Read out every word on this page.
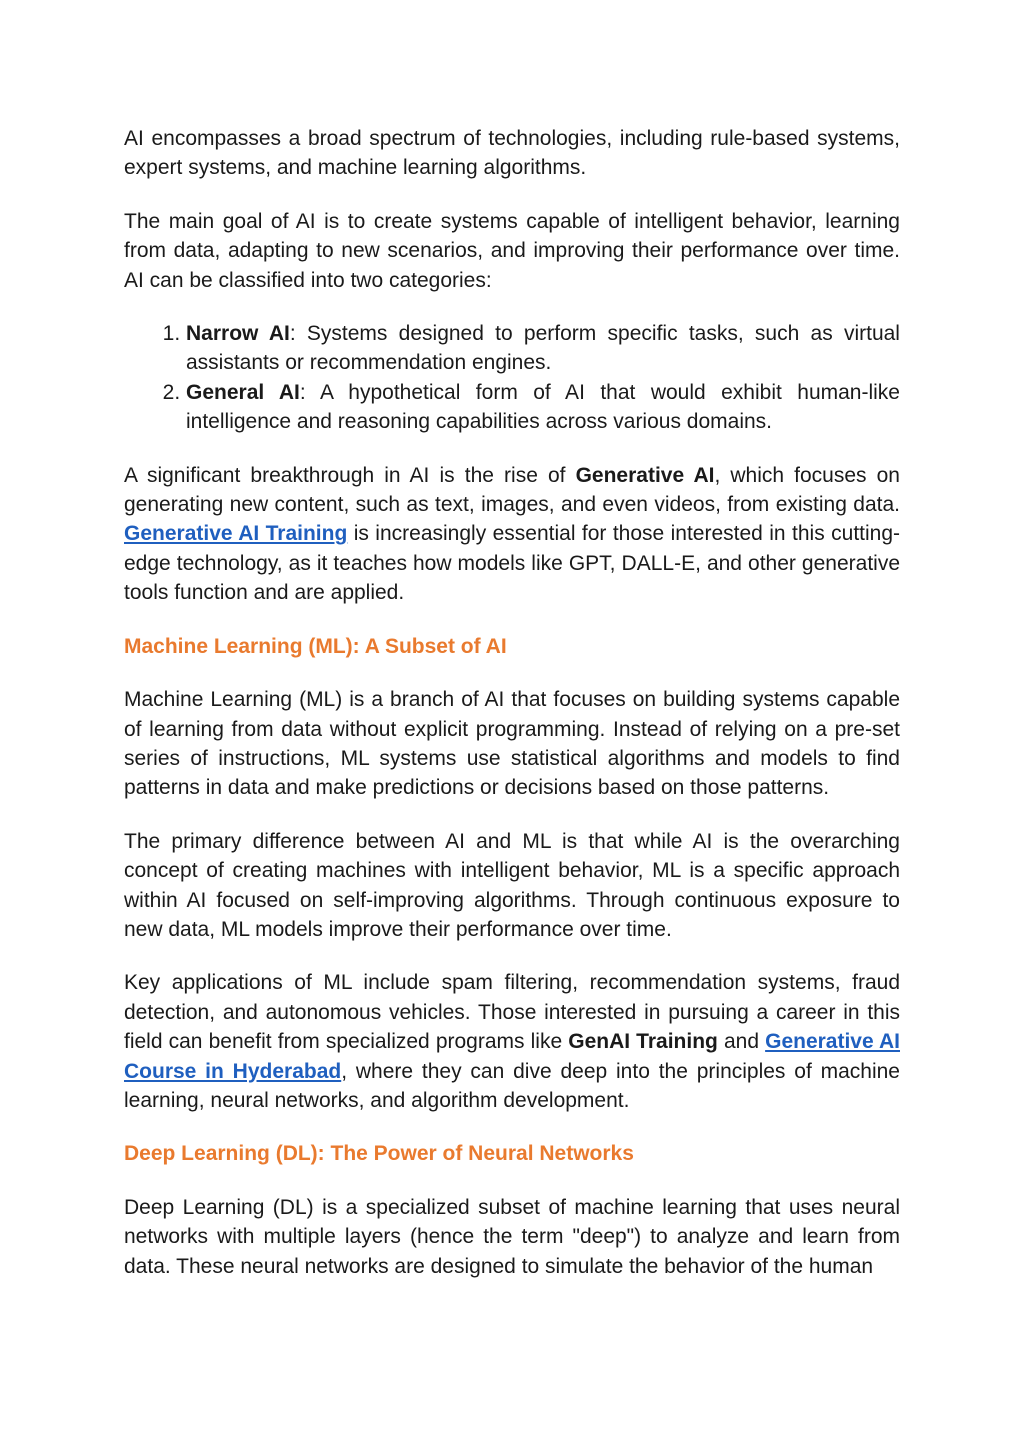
AI encompasses a broad spectrum of technologies, including rule-based systems, expert systems, and machine learning algorithms.

The main goal of AI is to create systems capable of intelligent behavior, learning from data, adapting to new scenarios, and improving their performance over time. AI can be classified into two categories:

1. Narrow AI: Systems designed to perform specific tasks, such as virtual assistants or recommendation engines.
2. General AI: A hypothetical form of AI that would exhibit human-like intelligence and reasoning capabilities across various domains.

A significant breakthrough in AI is the rise of Generative AI, which focuses on generating new content, such as text, images, and even videos, from existing data. Generative AI Training is increasingly essential for those interested in this cutting-edge technology, as it teaches how models like GPT, DALL-E, and other generative tools function and are applied.

Machine Learning (ML): A Subset of AI

Machine Learning (ML) is a branch of AI that focuses on building systems capable of learning from data without explicit programming. Instead of relying on a pre-set series of instructions, ML systems use statistical algorithms and models to find patterns in data and make predictions or decisions based on those patterns.

The primary difference between AI and ML is that while AI is the overarching concept of creating machines with intelligent behavior, ML is a specific approach within AI focused on self-improving algorithms. Through continuous exposure to new data, ML models improve their performance over time.

Key applications of ML include spam filtering, recommendation systems, fraud detection, and autonomous vehicles. Those interested in pursuing a career in this field can benefit from specialized programs like GenAI Training and Generative AI Course in Hyderabad, where they can dive deep into the principles of machine learning, neural networks, and algorithm development.

Deep Learning (DL): The Power of Neural Networks

Deep Learning (DL) is a specialized subset of machine learning that uses neural networks with multiple layers (hence the term "deep") to analyze and learn from data. These neural networks are designed to simulate the behavior of the human
